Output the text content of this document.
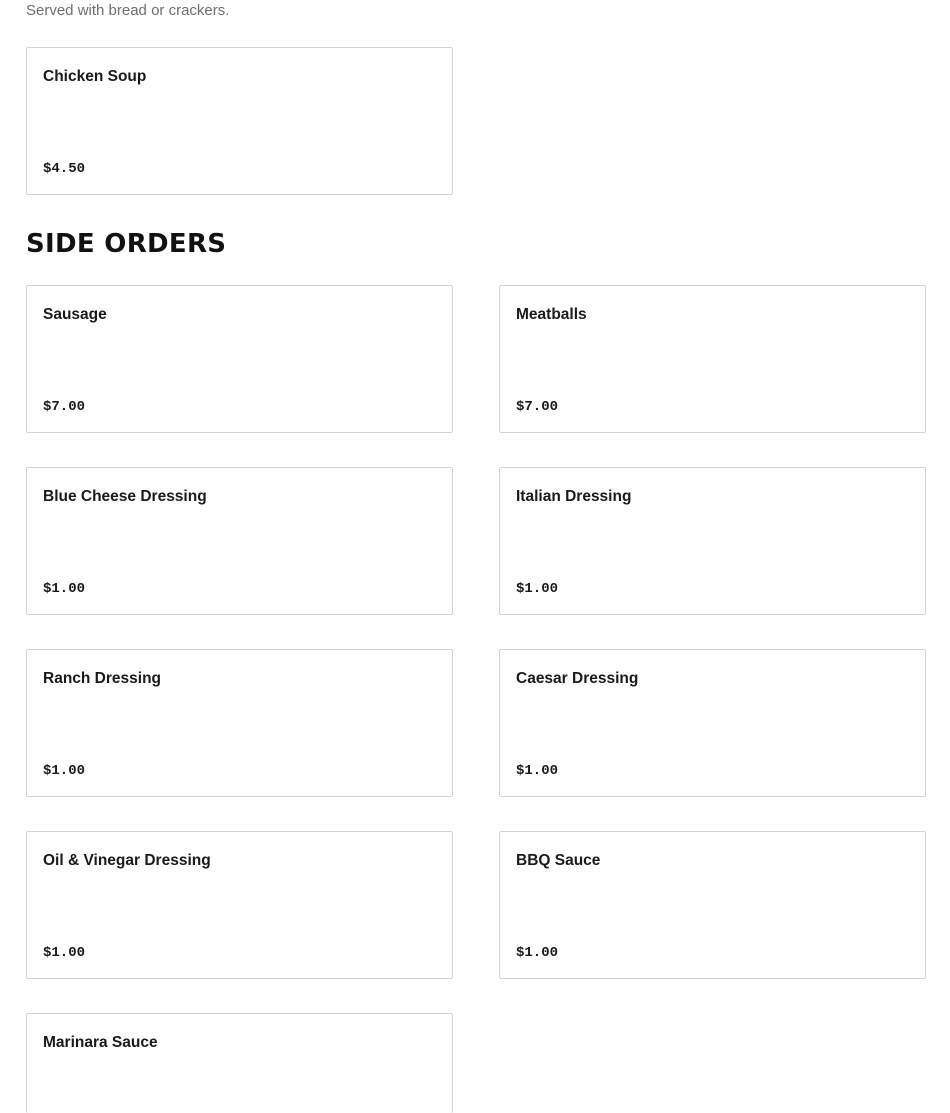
Served with bread or crackers.
Chicken Soup
$4.50
SIDE ORDERS
Sausage
$7.00
Meatballs
$7.00
Blue Cheese Dressing
$1.00
Italian Dressing
$1.00
Ranch Dressing
$1.00
Caesar Dressing
$1.00
Oil & Vinegar Dressing
$1.00
BBQ Sauce
$1.00
Marinara Sauce
